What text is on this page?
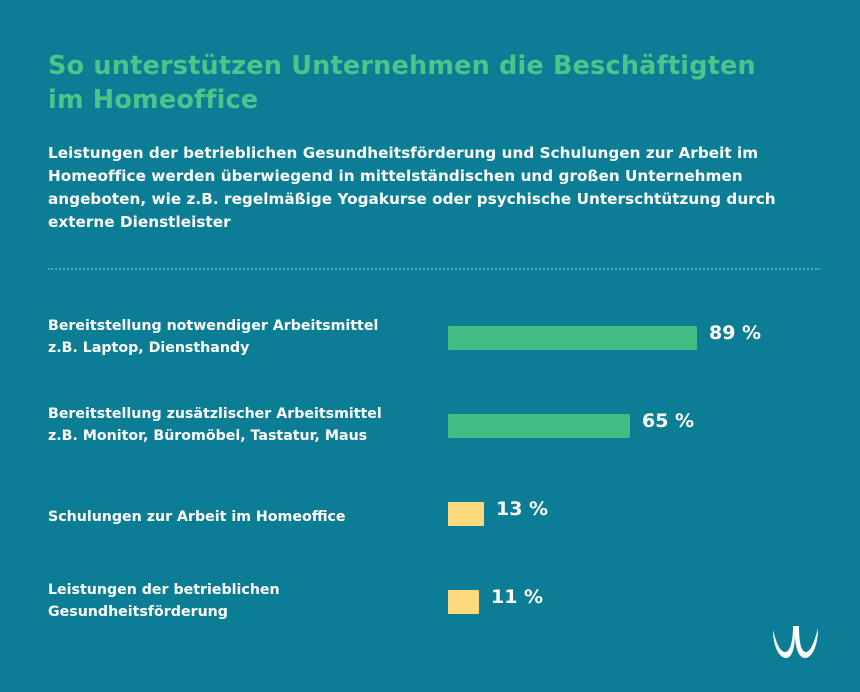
So unterstützen Unternehmen die Beschäftigten im Homeoffice
Leistungen der betrieblichen Gesundheitsförderung und Schulungen zur Arbeit im Homeoffice werden überwiegend in mittelständischen und großen Unternehmen angeboten, wie z.B. regelmäßige Yogakurse oder psychische Unterschtützung durch externe Dienstleister
Bereitstellung notwendiger Arbeitsmittel
z.B. Laptop, Diensthandy
89 %
Bereitstellung zusätzlischer Arbeitsmittel
z.B. Monitor, Büromöbel, Tastatur, Maus
65 %
Schulungen zur Arbeit im Homeoffice	13 %
Leistungen der betrieblichen
Gesundheitsförderung
11 %
